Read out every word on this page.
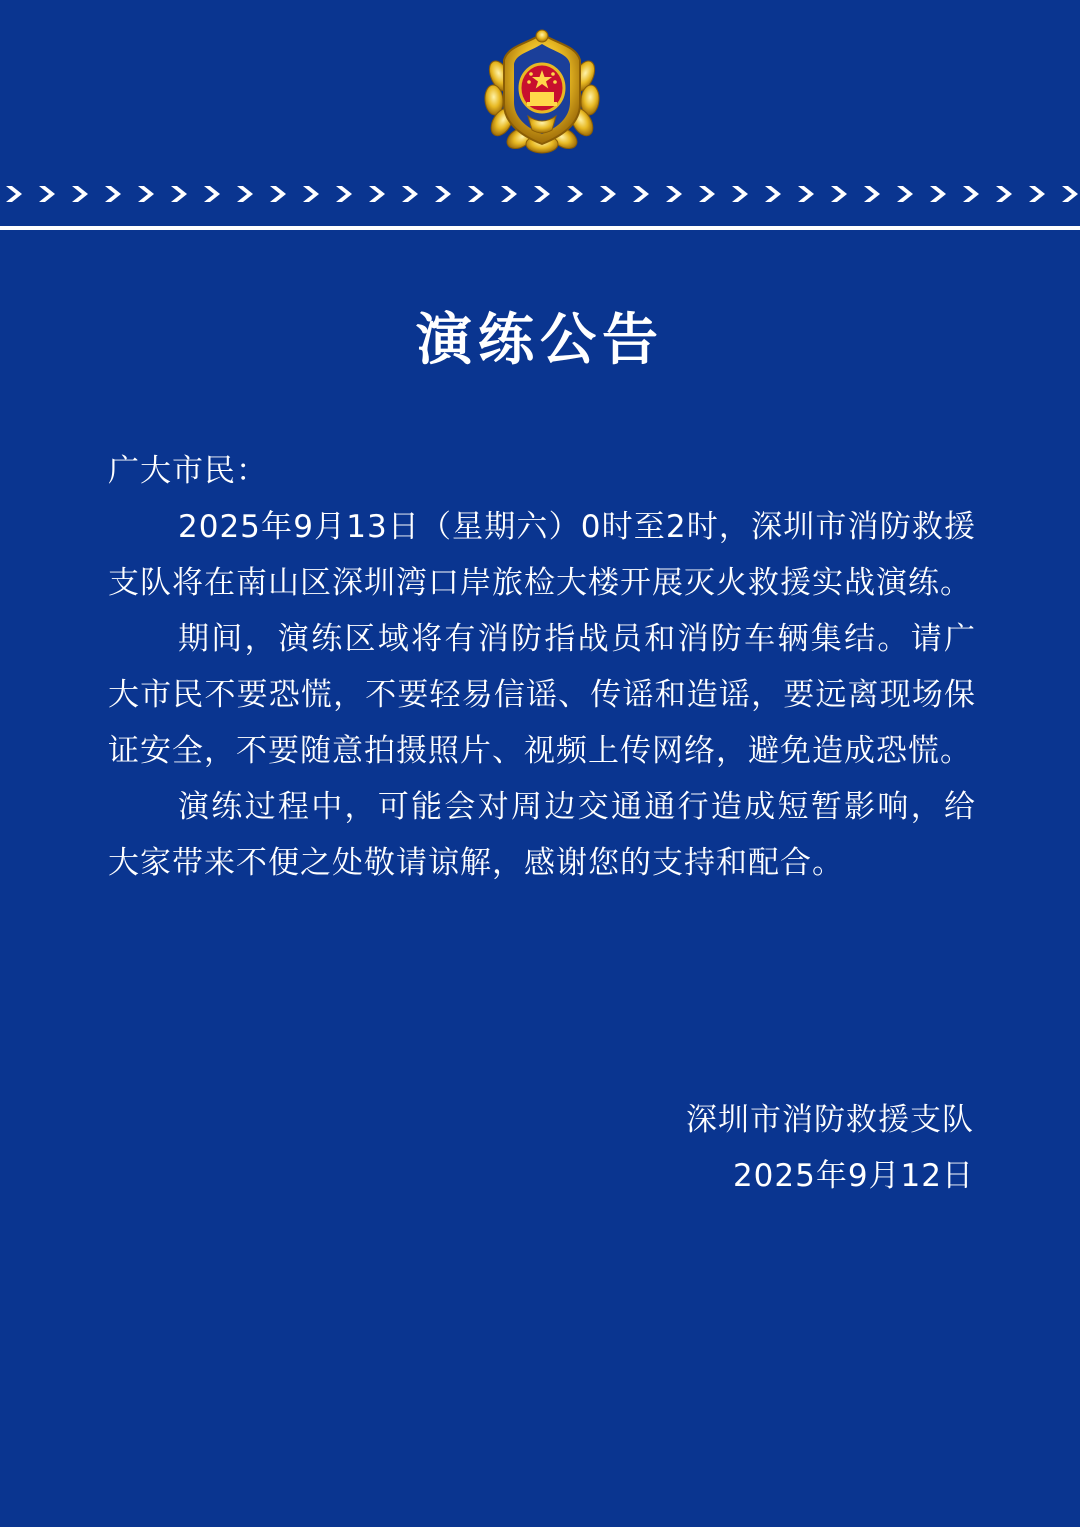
演练公告

广大市民：

2025年9月13日（星期六）0时至2时，深圳市消防救援支队将在南山区深圳湾口岸旅检大楼开展灭火救援实战演练。

期间，演练区域将有消防指战员和消防车辆集结。请广大市民不要恐慌，不要轻易信谣、传谣和造谣，要远离现场保证安全，不要随意拍摄照片、视频上传网络，避免造成恐慌。

演练过程中，可能会对周边交通通行造成短暂影响，给大家带来不便之处敬请谅解，感谢您的支持和配合。

深圳市消防救援支队
2025年9月12日
